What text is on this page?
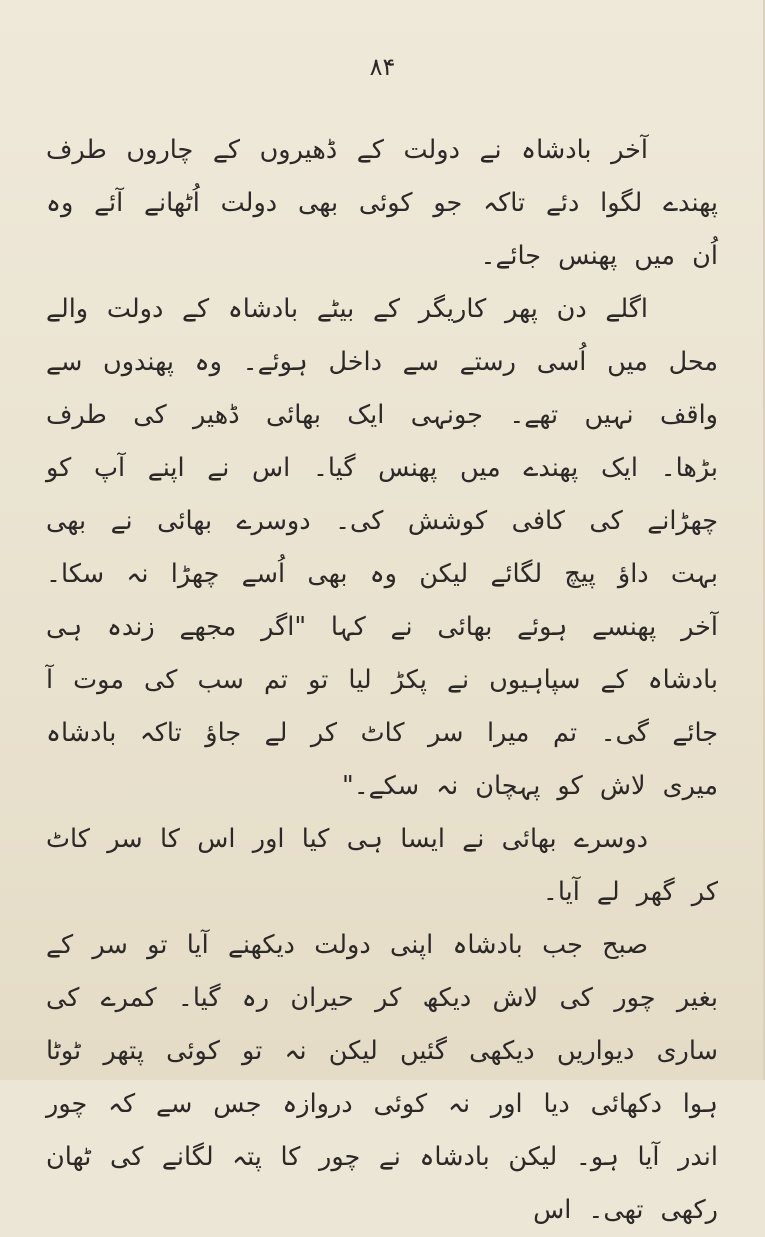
۸۴

آخر بادشاہ نے دولت کے ڈھیروں کے چاروں طرف پھندے لگوا دئے تاکہ جو کوئی بھی دولت اُٹھانے آئے وہ اُن میں پھنس جائے۔

اگلے دن پھر کاریگر کے بیٹے بادشاہ کے دولت والے محل میں اُسی رستے سے داخل ہوئے۔ وہ پھندوں سے واقف نہیں تھے۔ جونہی ایک بھائی ڈھیر کی طرف بڑھا۔ ایک پھندے میں پھنس گیا۔ اس نے اپنے آپ کو چھڑانے کی کافی کوشش کی۔ دوسرے بھائی نے بھی بہت داؤ پیچ لگائے لیکن وہ بھی اُسے چھڑا نہ سکا۔ آخر پھنسے ہوئے بھائی نے کہا "اگر مجھے زندہ ہی بادشاہ کے سپاہیوں نے پکڑ لیا تو تم سب کی موت آ جائے گی۔ تم میرا سر کاٹ کر لے جاؤ تاکہ بادشاہ میری لاش کو پہچان نہ سکے۔"

دوسرے بھائی نے ایسا ہی کیا اور اس کا سر کاٹ کر گھر لے آیا۔

صبح جب بادشاہ اپنی دولت دیکھنے آیا تو سر کے بغیر چور کی لاش دیکھ کر حیران رہ گیا۔ کمرے کی ساری دیواریں دیکھی گئیں لیکن نہ تو کوئی پتھر ٹوٹا ہوا دکھائی دیا اور نہ کوئی دروازہ جس سے کہ چور اندر آیا ہو۔ لیکن بادشاہ نے چور کا پتہ لگانے کی ٹھان رکھی تھی۔ اس
